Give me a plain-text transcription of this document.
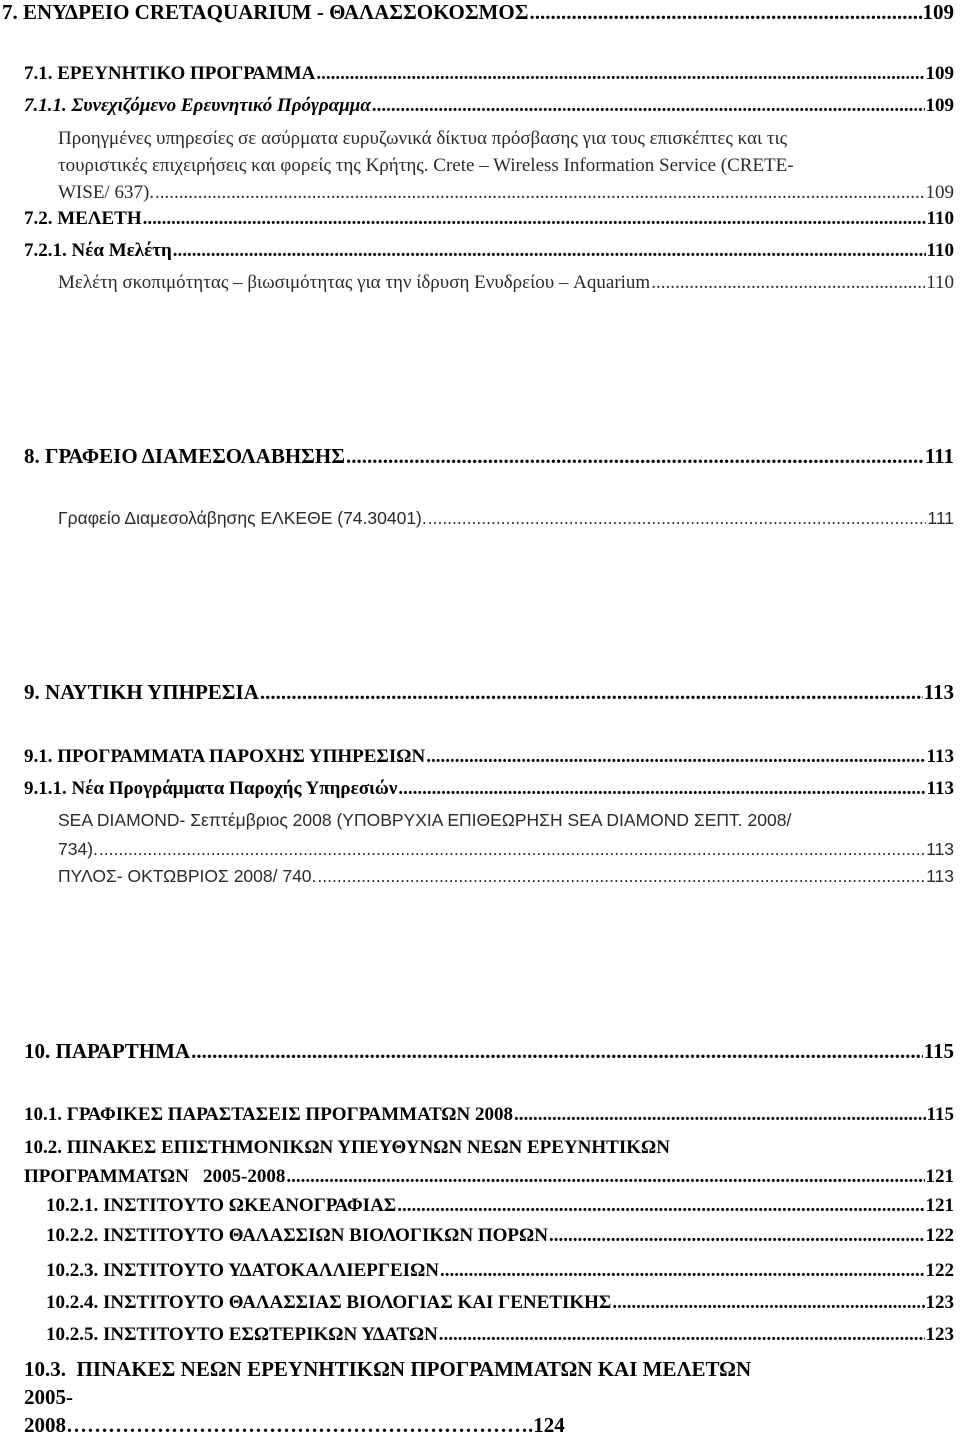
7. ΕΝΥΔΡΕΙΟ CRETAQUARIUM - ΘΑΛΑΣΣΟΚΟΣΜΟΣ .....	109
7.1. ΕΡΕΥΝΗΤΙΚΟ ΠΡΟΓΡΑΜΜΑ .....	109
7.1.1. Συνεχιζόμενο Ερευνητικό Πρόγραμμα .....	109
Προηγμένες υπηρεσίες σε ασύρματα ευρυζωνικά δίκτυα πρόσβασης για τους επισκέπτες και τις
τουριστικές επιχειρήσεις και φορείς της Κρήτης. Crete – Wireless Information Service (CRETE-
WISE/ 637). .....	109
7.2. ΜΕΛΕΤΗ .....	110
7.2.1. Νέα Μελέτη .....	110
Μελέτη σκοπιμότητας – βιωσιμότητας για την ίδρυση Ενυδρείου – Aquarium .....	110
8. ΓΡΑΦΕΙΟ ΔΙΑΜΕΣΟΛΑΒΗΣΗΣ .....	111
Γραφείο Διαμεσολάβησης ΕΛΚΕΘΕ (74.30401). .....	111
9. ΝΑΥΤΙΚΗ ΥΠΗΡΕΣΙΑ .....	113
9.1. ΠΡΟΓΡΑΜΜΑΤΑ ΠΑΡΟΧΗΣ ΥΠΗΡΕΣΙΩΝ .....	113
9.1.1. Νέα Προγράμματα Παροχής Υπηρεσιών .....	113
SEA DIAMOND- Σεπτέμβριος 2008 (ΥΠΟΒΡΥΧΙΑ ΕΠΙΘΕΩΡΗΣΗ SEA DIAMOND ΣΕΠΤ. 2008/
734). .....	113
ΠΥΛΟΣ- ΟΚΤΩΒΡΙΟΣ 2008/ 740. .....	113
10. ΠΑΡΑΡΤΗΜΑ .....	115
10.1. ΓΡΑΦΙΚΕΣ ΠΑΡΑΣΤΑΣΕΙΣ ΠΡΟΓΡΑΜΜΑΤΩΝ 2008 .....	115
10.2. ΠΙΝΑΚΕΣ ΕΠΙΣΤΗΜΟΝΙΚΩΝ ΥΠΕΥΘΥΝΩΝ ΝΕΩΝ ΕΡΕΥΝΗΤΙΚΩΝ
ΠΡΟΓΡΑΜΜΑΤΩΝ   2005-2008 .....	121
10.2.1. ΙΝΣΤΙΤΟΥΤΟ ΩΚΕΑΝΟΓΡΑΦΙΑΣ .....	121
10.2.2. ΙΝΣΤΙΤΟΥΤΟ ΘΑΛΑΣΣΙΩΝ ΒΙΟΛΟΓΙΚΩΝ ΠΟΡΩΝ .....	122
10.2.3. ΙΝΣΤΙΤΟΥΤΟ ΥΔΑΤΟΚΑΛΛΙΕΡΓΕΙΩΝ .....	122
10.2.4. ΙΝΣΤΙΤΟΥΤΟ ΘΑΛΑΣΣΙΑΣ ΒΙΟΛΟΓΙΑΣ ΚΑΙ ΓΕΝΕΤΙΚΗΣ .....	123
10.2.5. ΙΝΣΤΙΤΟΥΤΟ ΕΣΩΤΕΡΙΚΩΝ ΥΔΑΤΩΝ .....	123
10.3.  ΠΙΝΑΚΕΣ ΝΕΩΝ ΕΡΕΥΝΗΤΙΚΩΝ ΠΡΟΓΡΑΜΜΑΤΩΝ ΚΑΙ ΜΕΛΕΤΩΝ
2005-
2008………………………………………………………….124
